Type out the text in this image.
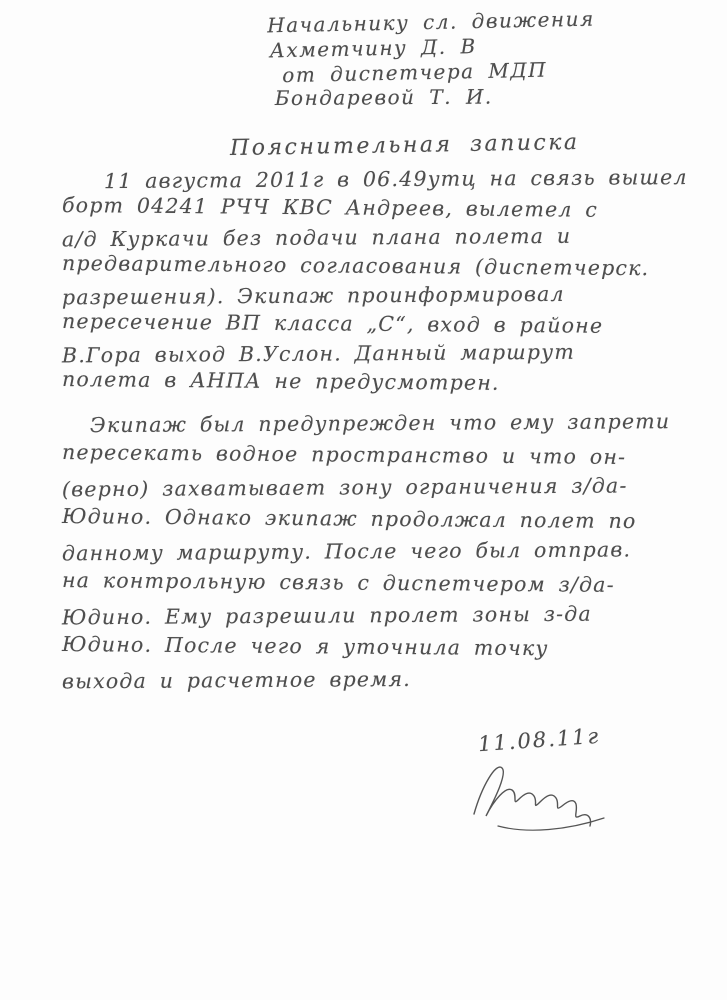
Начальнику сл. движения
Ахметчину Д. В
от диспетчера МДП
Бондаревой Т. И.
Пояснительная записка
11 августа 2011г в 06.49утц на связь вышел
борт 04241 РЧЧ КВС Андреев, вылетел с
а/д Куркачи без подачи плана полета и
предварительного согласования (диспетчерск.
разрешения). Экипаж проинформировал
пересечение ВП класса „С“, вход в районе
В.Гора выход В.Услон. Данный маршрут
полета в АНПА не предусмотрен.
Экипаж был предупрежден что ему запрети
пересекать водное пространство и что он-
(верно) захватывает зону ограничения з/да-
Юдино. Однако экипаж продолжал полет по
данному маршруту. После чего был отправ.
на контрольную связь с диспетчером з/да-
Юдино. Ему разрешили пролет зоны з-да
Юдино. После чего я уточнила точку
выхода и расчетное время.
11.08.11г
